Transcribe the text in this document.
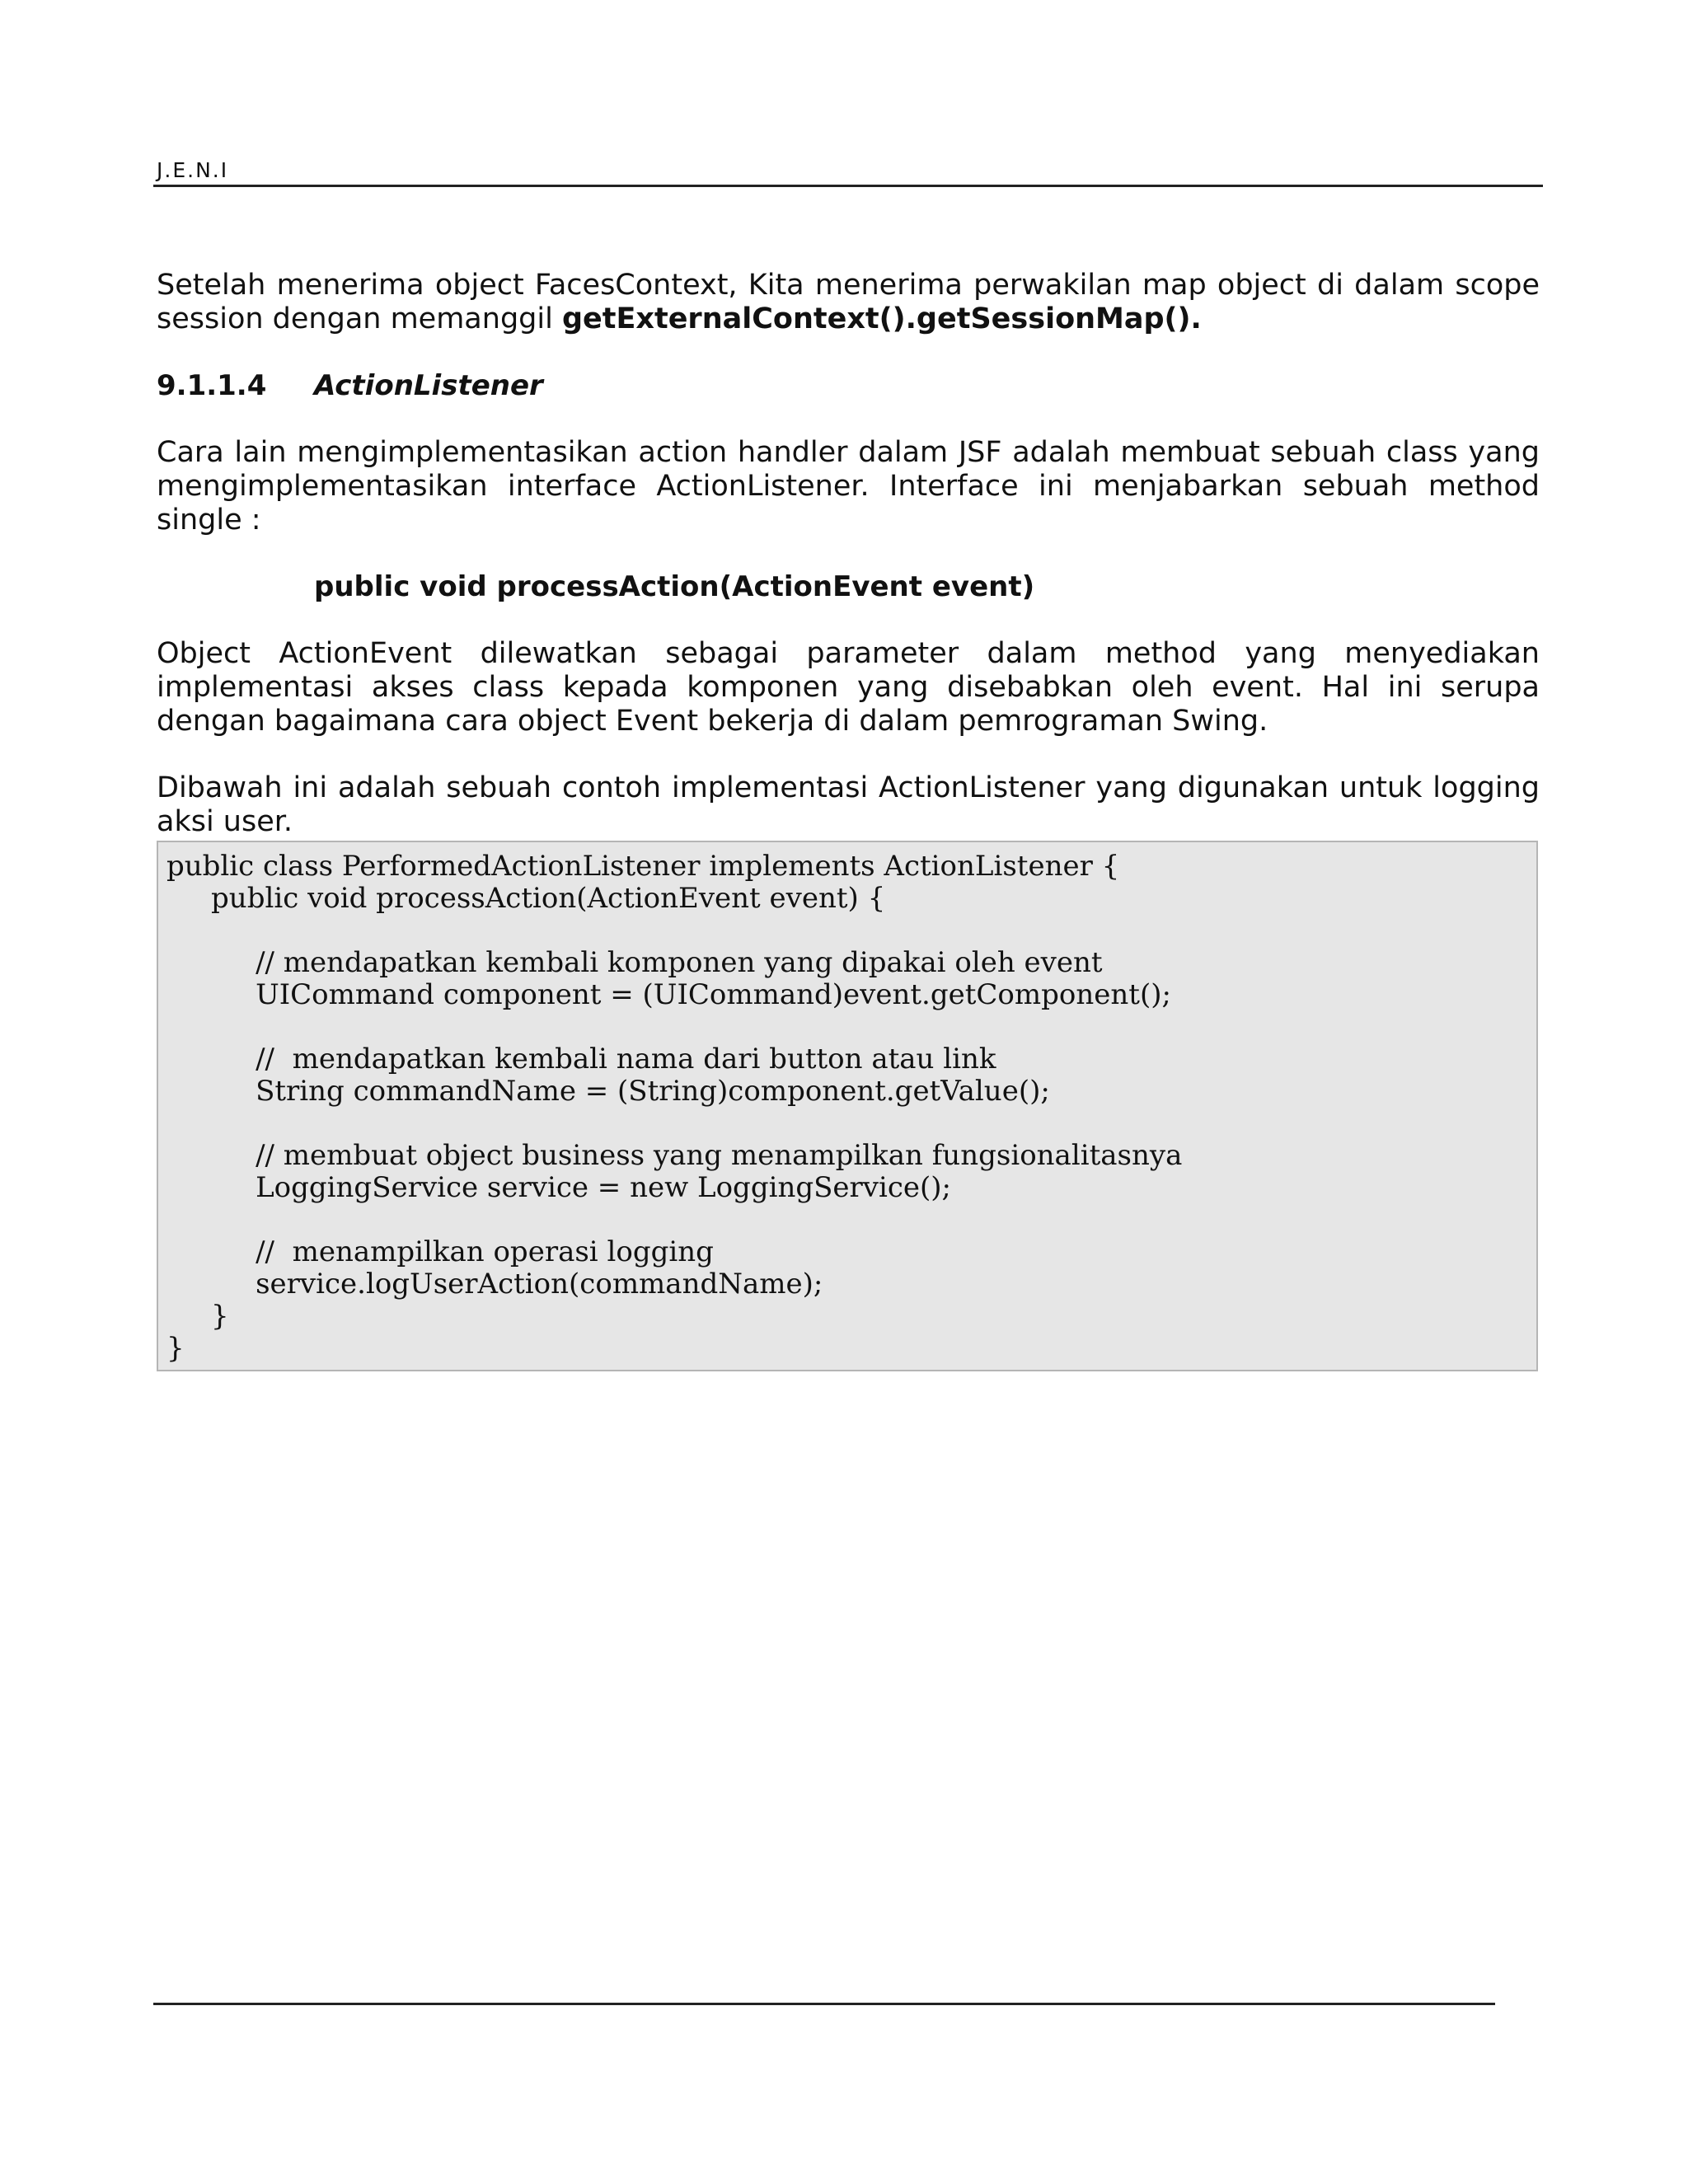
J.E.N.I

Setelah menerima object FacesContext, Kita menerima perwakilan map object di dalam scope session dengan memanggil getExternalContext().getSessionMap().

9.1.1.4 ActionListener

Cara lain mengimplementasikan action handler dalam JSF adalah membuat sebuah class yang mengimplementasikan interface ActionListener. Interface ini menjabarkan sebuah method single :

public void processAction(ActionEvent event)

Object ActionEvent dilewatkan sebagai parameter dalam method yang menyediakan implementasi akses class kepada komponen yang disebabkan oleh event. Hal ini serupa dengan bagaimana cara object Event bekerja di dalam pemrograman Swing.

Dibawah ini adalah sebuah contoh implementasi ActionListener yang digunakan untuk logging aksi user.

public class PerformedActionListener implements ActionListener {
public void processAction(ActionEvent event) {
// mendapatkan kembali komponen yang dipakai oleh event
UICommand component = (UICommand)event.getComponent();
//  mendapatkan kembali nama dari button atau link
String commandName = (String)component.getValue();
// membuat object business yang menampilkan fungsionalitasnya
LoggingService service = new LoggingService();
//  menampilkan operasi logging
service.logUserAction(commandName);
}
}
